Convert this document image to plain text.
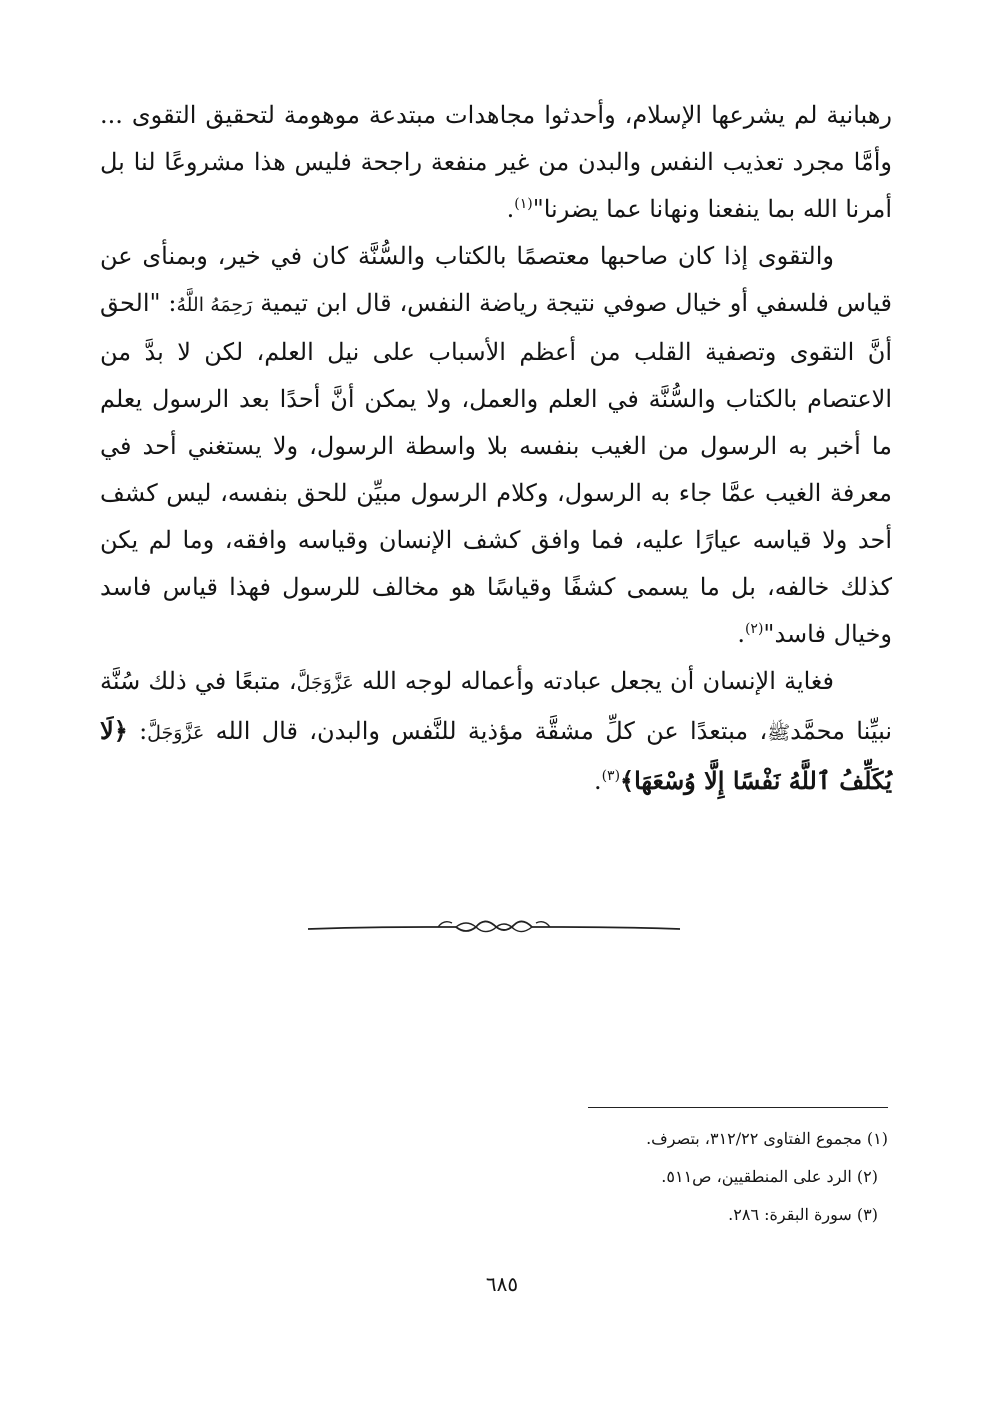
رهبانية لم يشرعها الإسلام، وأحدثوا مجاهدات مبتدعة موهومة لتحقيق التقوى ... وأمَّا مجرد تعذيب النفس والبدن من غير منفعة راجحة فليس هذا مشروعًا لنا بل أمرنا الله بما ينفعنا ونهانا عما يضرنا"$^{(١)}$.

والتقوى إذا كان صاحبها معتصمًا بالكتاب والسُّنَّة كان في خير، وبمنأى عن قياس فلسفي أو خيال صوفي نتيجة رياضة النفس، قال ابن تيمية رَحِمَهُ اللَّهُ: "الحق أنَّ التقوى وتصفية القلب من أعظم الأسباب على نيل العلم، لكن لا بدَّ من الاعتصام بالكتاب والسُّنَّة في العلم والعمل، ولا يمكن أنَّ أحدًا بعد الرسول يعلم ما أخبر به الرسول من الغيب بنفسه بلا واسطة الرسول، ولا يستغني أحد في معرفة الغيب عمَّا جاء به الرسول، وكلام الرسول مبيِّن للحق بنفسه، ليس كشف أحد ولا قياسه عيارًا عليه، فما وافق كشف الإنسان وقياسه وافقه، وما لم يكن كذلك خالفه، بل ما يسمى كشفًا وقياسًا هو مخالف للرسول فهذا قياس فاسد وخيال فاسد"$^{(٢)}$.

فغاية الإنسان أن يجعل عبادته وأعماله لوجه الله عَزَّوَجَلَّ، متبعًا في ذلك سُنَّة نبيِّنا محمَّدﷺ، مبتعدًا عن كلِّ مشقَّة مؤذية للنَّفس والبدن، قال الله عَزَّوَجَلَّ: ﴿لَا يُكَلِّفُ ٱللَّهُ نَفْسًا إِلَّا وُسْعَهَا﴾$^{(٣)}$.

(١) مجموع الفتاوى ٣١٢/٢٢، بتصرف.

(٢) الرد على المنطقيين، ص٥١١.

(٣) سورة البقرة: ٢٨٦.

٦٨٥
